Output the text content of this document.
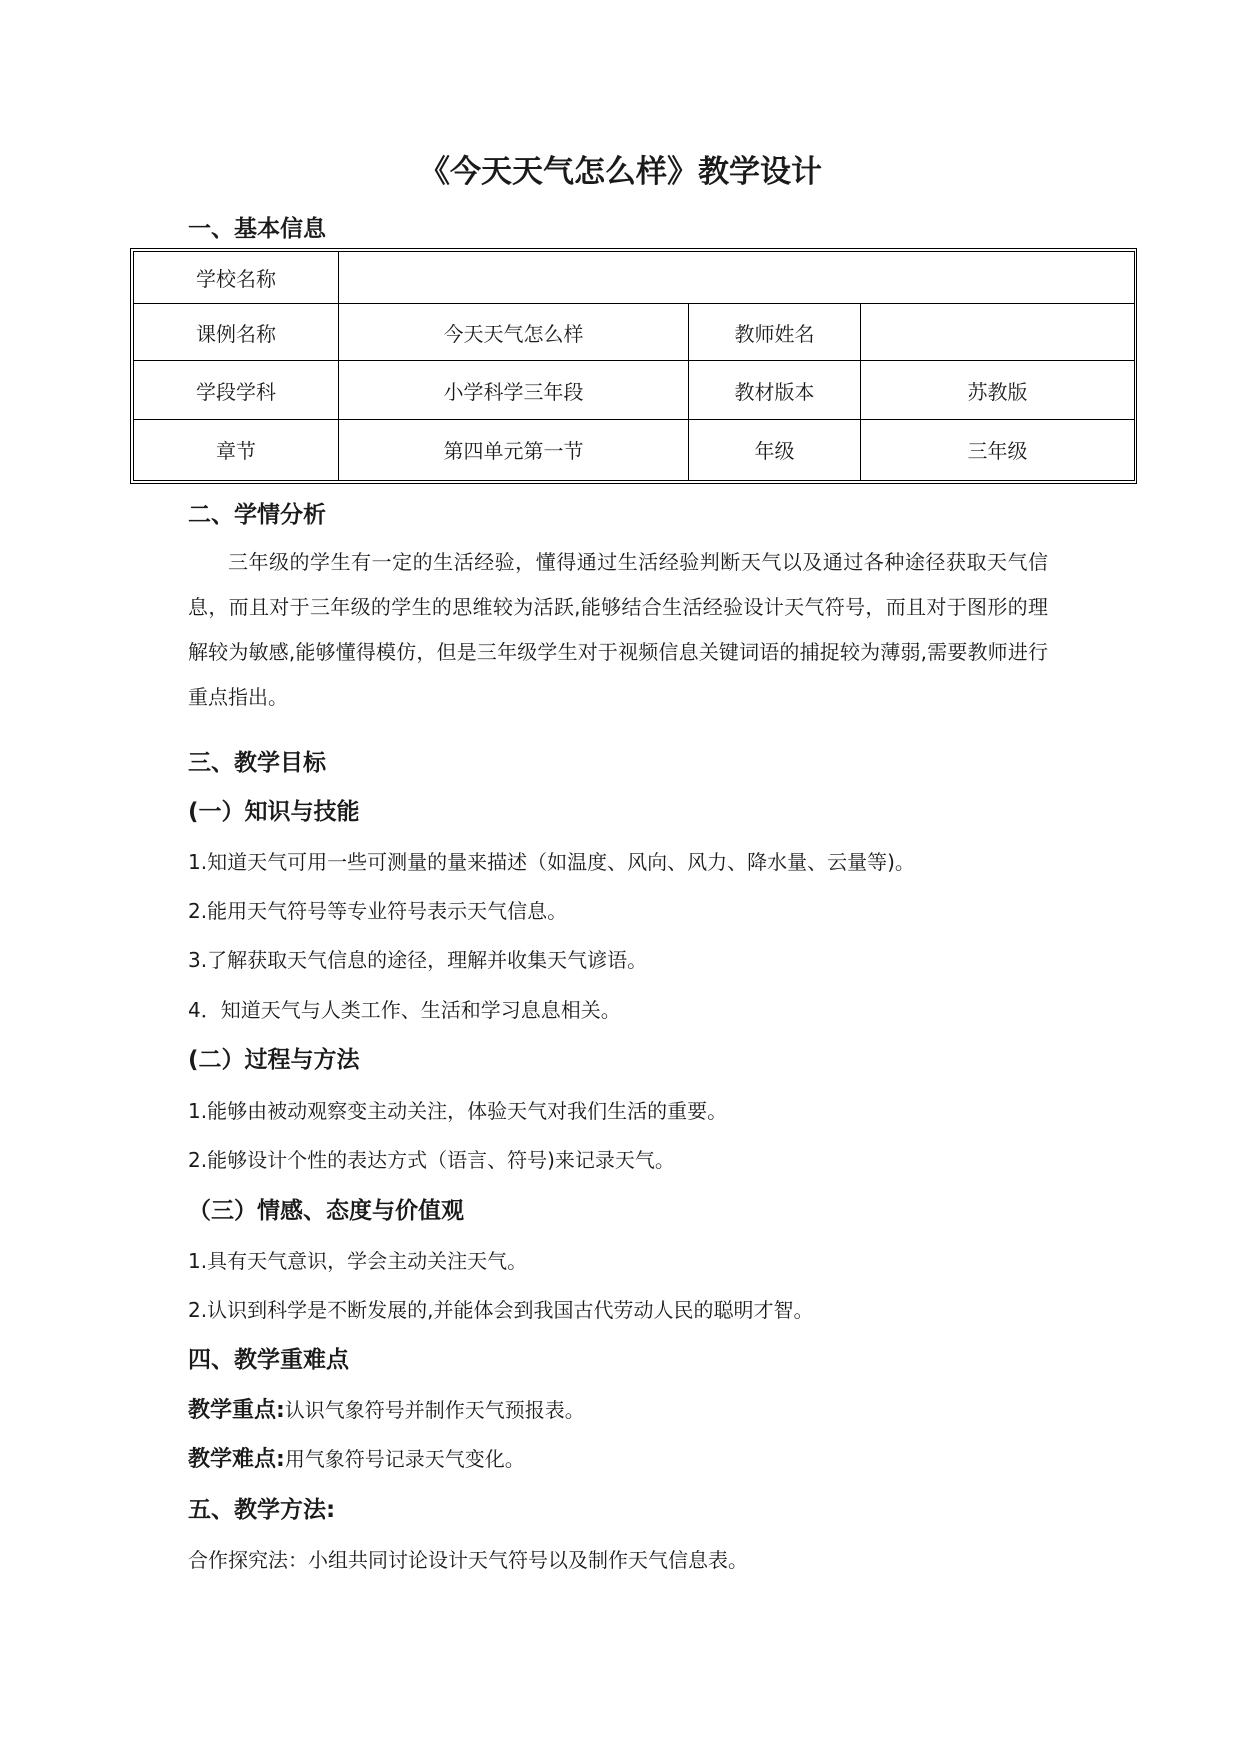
《今天天气怎么样》教学设计
一、基本信息
学校名称			
课例名称	今天天气怎么样	教师姓名	
学段学科	小学科学三年段	教材版本	苏教版
章节	第四单元第一节	年级	三年级
二、学情分析

三年级的学生有一定的生活经验，懂得通过生活经验判断天气以及通过各种途径获取天气信息，而且对于三年级的学生的思维较为活跃,能够结合生活经验设计天气符号，而且对于图形的理解较为敏感,能够懂得模仿，但是三年级学生对于视频信息关键词语的捕捉较为薄弱,需要教师进行重点指出。

三、教学目标
(一）知识与技能

1.知道天气可用一些可测量的量来描述（如温度、风向、风力、降水量、云量等)。

2.能用天气符号等专业符号表示天气信息。

3.了解获取天气信息的途径，理解并收集天气谚语。

4．知道天气与人类工作、生活和学习息息相关。

(二）过程与方法

1.能够由被动观察变主动关注，体验天气对我们生活的重要。

2.能够设计个性的表达方式（语言、符号)来记录天气。

（三）情感、态度与价值观

1.具有天气意识，学会主动关注天气。

2.认识到科学是不断发展的,并能体会到我国古代劳动人民的聪明才智。

四、教学重难点

教学重点:认识气象符号并制作天气预报表。

教学难点:用气象符号记录天气变化。

五、教学方法:

合作探究法：小组共同讨论设计天气符号以及制作天气信息表。
